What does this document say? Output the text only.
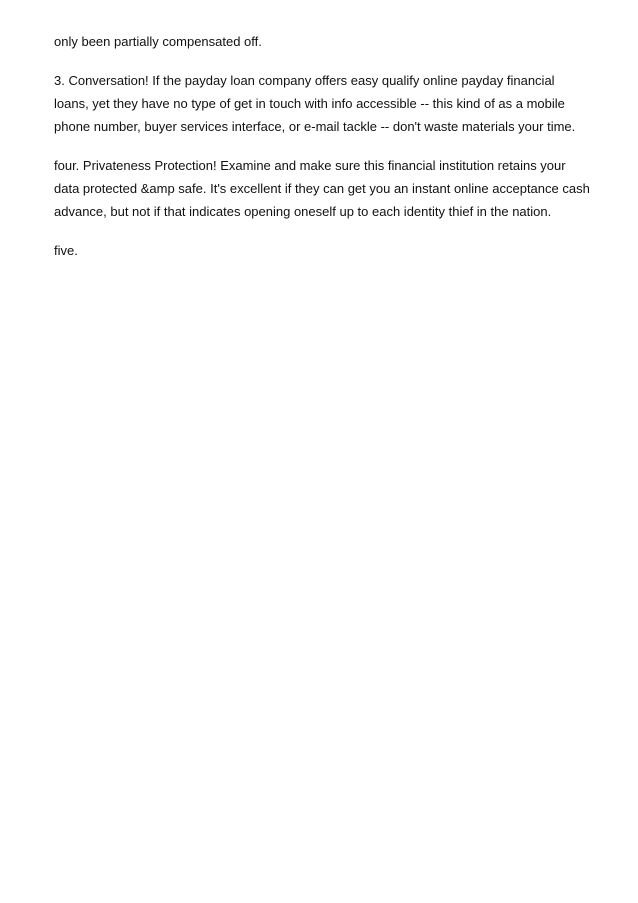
only been partially compensated off.

3. Conversation! If the payday loan company offers easy qualify online payday financial
loans, yet they have no type of get in touch with info accessible -- this kind of as a mobile
phone number, buyer services interface, or e-mail tackle -- don't waste materials your time.

four. Privateness Protection! Examine and make sure this financial institution retains your
data protected &amp safe. It's excellent if they can get you an instant online acceptance cash
advance, but not if that indicates opening oneself up to each identity thief in the nation.

five.
